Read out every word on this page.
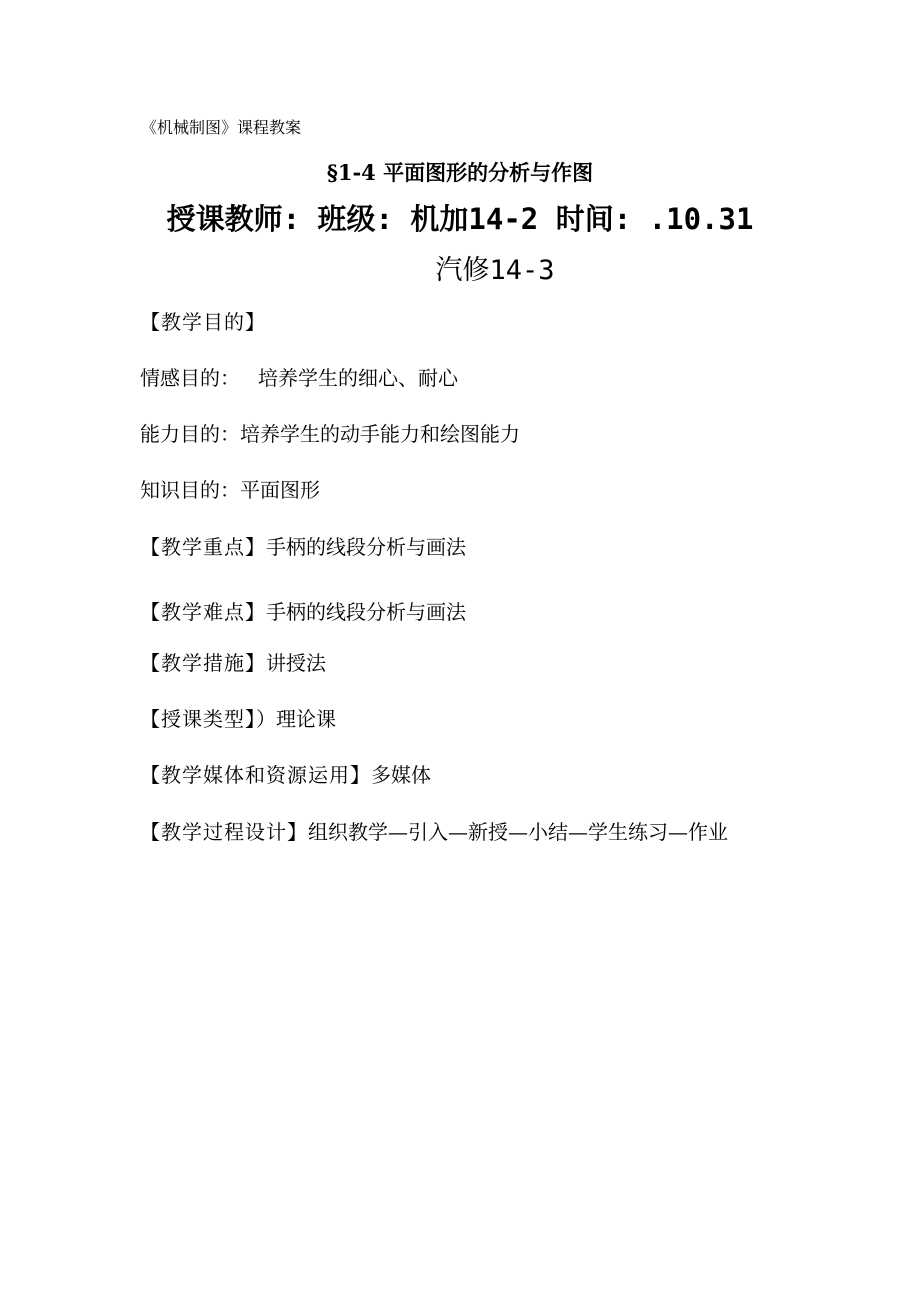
《机械制图》课程教案
§1-4 平面图形的分析与作图
授课教师: 班级: 机加14-2 时间: .10.31
汽修14-3
【教学目的】
情感目的： 培养学生的细心、耐心
能力目的：培养学生的动手能力和绘图能力
知识目的：平面图形
【教学重点】手柄的线段分析与画法
【教学难点】手柄的线段分析与画法
【教学措施】讲授法
【授课类型】）理论课
【教学媒体和资源运用】多媒体
【教学过程设计】组织教学—引入—新授—小结—学生练习—作业
